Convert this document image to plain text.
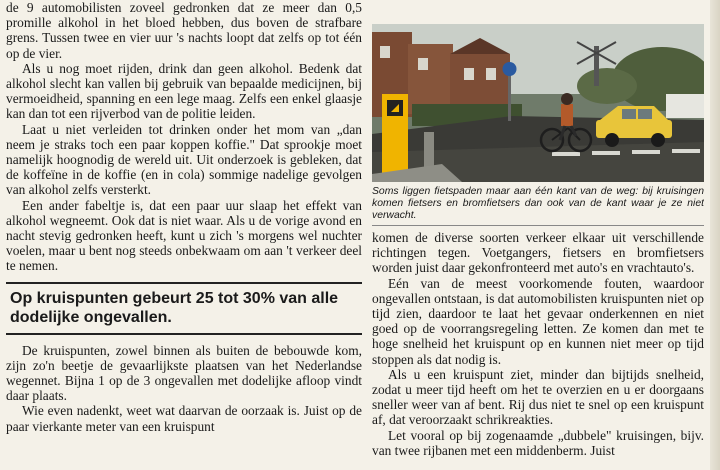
de 9 automobilisten zoveel gedronken dat ze meer dan 0,5 promille alkohol in het bloed hebben, dus boven de strafbare grens. Tussen twee en vier uur 's nachts loopt dat zelfs op tot één op de vier.

Als u nog moet rijden, drink dan geen alkohol. Bedenk dat alkohol slecht kan vallen bij gebruik van bepaalde medicijnen, bij vermoeidheid, spanning en een lege maag. Zelfs een enkel glaasje kan dan tot een rijverbod van de politie leiden.

Laat u niet verleiden tot drinken onder het mom van „dan neem je straks toch een paar koppen koffie." Dat sprookje moet namelijk hoognodig de wereld uit. Uit onderzoek is gebleken, dat de koffeïne in de koffie (en in cola) sommige nadelige gevolgen van alkohol zelfs versterkt.

Een ander fabeltje is, dat een paar uur slaap het effekt van alkohol wegneemt. Ook dat is niet waar. Als u de vorige avond en nacht stevig gedronken heeft, kunt u zich 's morgens wel nuchter voelen, maar u bent nog steeds onbekwaam om aan 't verkeer deel te nemen.

Op kruispunten gebeurt 25 tot 30% van alle dodelijke ongevallen.

De kruispunten, zowel binnen als buiten de bebouwde kom, zijn zo'n beetje de gevaarlijkste plaatsen van het Nederlandse wegennet. Bijna 1 op de 3 ongevallen met dodelijke afloop vindt daar plaats.

Wie even nadenkt, weet wat daarvan de oorzaak is. Juist op de paar vierkante meter van een kruispunt

Soms liggen fietspaden maar aan één kant van de weg: bij kruisingen komen fietsers en bromfietsers dan ook van de kant waar je ze niet verwacht.

komen de diverse soorten verkeer elkaar uit verschillende richtingen tegen. Voetgangers, fietsers en bromfietsers worden juist daar gekonfronteerd met auto's en vrachtauto's.

Eén van de meest voorkomende fouten, waardoor ongevallen ontstaan, is dat automobilisten kruispunten niet op tijd zien, daardoor te laat het gevaar onderkennen en niet goed op de voorrangsregeling letten. Ze komen dan met te hoge snelheid het kruispunt op en kunnen niet meer op tijd stoppen als dat nodig is.

Als u een kruispunt ziet, minder dan bijtijds snelheid, zodat u meer tijd heeft om het te overzien en u er doorgaans sneller weer van af bent. Rij dus niet te snel op een kruispunt af, dat veroorzaakt schrikreakties.

Let vooral op bij zogenaamde „dubbele" kruisingen, bijv. van twee rijbanen met een middenberm. Juist
